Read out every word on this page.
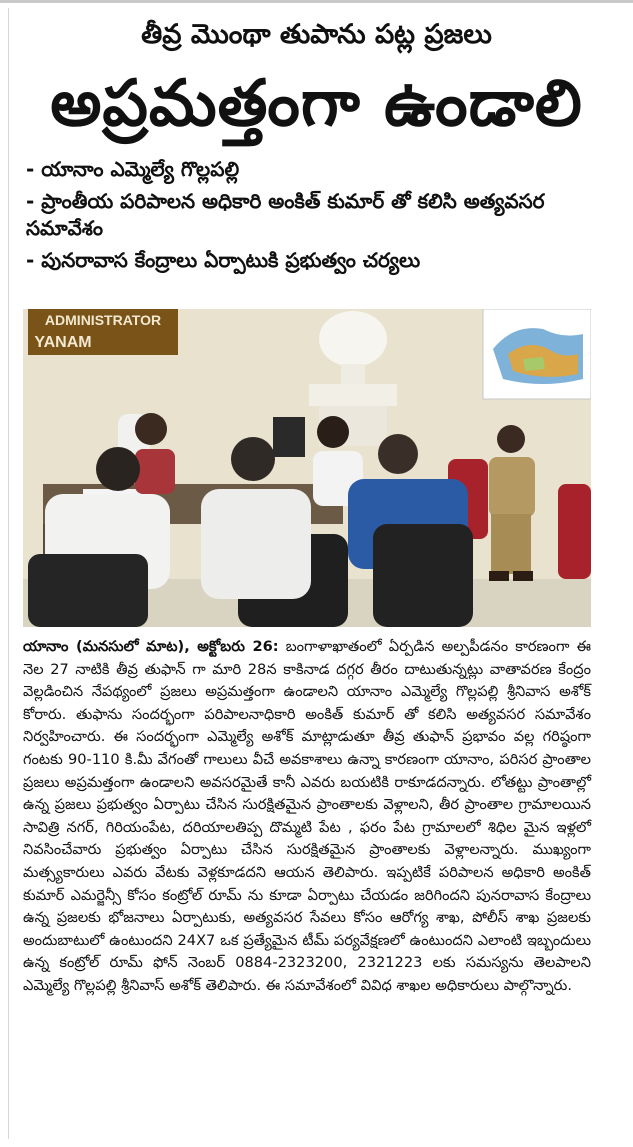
తీవ్ర మొంథా తుపాను పట్ల ప్రజలు
అప్రమత్తంగా ఉండాలి
- యానాం ఎమ్మెల్యే గొల్లపల్లి
- ప్రాంతీయ పరిపాలన అధికారి అంకిత్ కుమార్ తో కలిసి అత్యవసర సమావేశం
- పునరావాస కేంద్రాలు ఏర్పాటుకి ప్రభుత్వం చర్యలు
ADMINISTRATOR
YANAM

యానాం (మనసులో మాట), అక్టోబరు 26: బంగాళాఖాతంలో ఏర్పడిన అల్పపీడనం కారణంగా ఈ నెల 27 నాటికి తీవ్ర తుఫాన్ గా మారి 28న కాకినాడ దగ్గర తీరం దాటుతున్నట్లు వాతావరణ కేంద్రం వెల్లడించిన నేపథ్యంలో ప్రజలు అప్రమత్తంగా ఉండాలని యానాం ఎమ్మెల్యే గొల్లపల్లి శ్రీనివాస అశోక్ కోరారు. తుఫాను సందర్భంగా పరిపాలనాధికారి అంకిత్ కుమార్ తో కలిసి అత్యవసర సమావేశం నిర్వహించారు. ఈ సందర్భంగా ఎమ్మెల్యే అశోక్ మాట్లాడుతూ తీవ్ర తుఫాన్ ప్రభావం వల్ల గరిష్ఠంగా గంటకు 90-110 కి.మీ వేగంతో గాలులు వీచే అవకాశాలు ఉన్నా కారణంగా యానాం, పరిసర ప్రాంతాల ప్రజలు అప్రమత్తంగా ఉండాలని అవసరమైతే కానీ ఎవరు బయటికి రాకూడదన్నారు. లోతట్టు ప్రాంతాల్లో ఉన్న ప్రజలు ప్రభుత్వం ఏర్పాటు చేసిన సురక్షితమైన ప్రాంతాలకు వెళ్లాలని, తీర ప్రాంతాల గ్రామాలయిన సావిత్రి నగర్, గిరియంపేట, దరియాలతిప్ప దొమ్మటి పేట , ఫరం పేట గ్రామాలలో శిధిల మైన ఇళ్లలో నివసించేవారు ప్రభుత్వం ఏర్పాటు చేసిన సురక్షితమైన ప్రాంతాలకు వెళ్లాలన్నారు. ముఖ్యంగా మత్స్యకారులు ఎవరు వేటకు వెళ్లకూడదని ఆయన తెలిపారు. ఇప్పటికే పరిపాలన అధికారి అంకిత్ కుమార్ ఎమర్జెన్సీ కోసం కంట్రోల్ రూమ్ ను కూడా ఏర్పాటు చేయడం జరిగిందని పునరావాస కేంద్రాలు ఉన్న ప్రజలకు భోజనాలు ఏర్పాటుకు, అత్యవసర సేవలు కోసం ఆరోగ్య శాఖ, పోలీస్ శాఖ ప్రజలకు అందుబాటులో ఉంటుందని 24X7 ఒక ప్రత్యేమైన టీమ్ పర్యవేక్షణలో ఉంటుందని ఎలాంటి ఇబ్బందులు ఉన్న కంట్రోల్ రూమ్ ఫోన్ నెంబర్ 0884-2323200, 2321223 లకు సమస్యను తెలపాలని ఎమ్మెల్యే గొల్లపల్లి శ్రీనివాస్ అశోక్ తెలిపారు. ఈ సమావేశంలో వివిధ శాఖల అధికారులు పాల్గొన్నారు.
